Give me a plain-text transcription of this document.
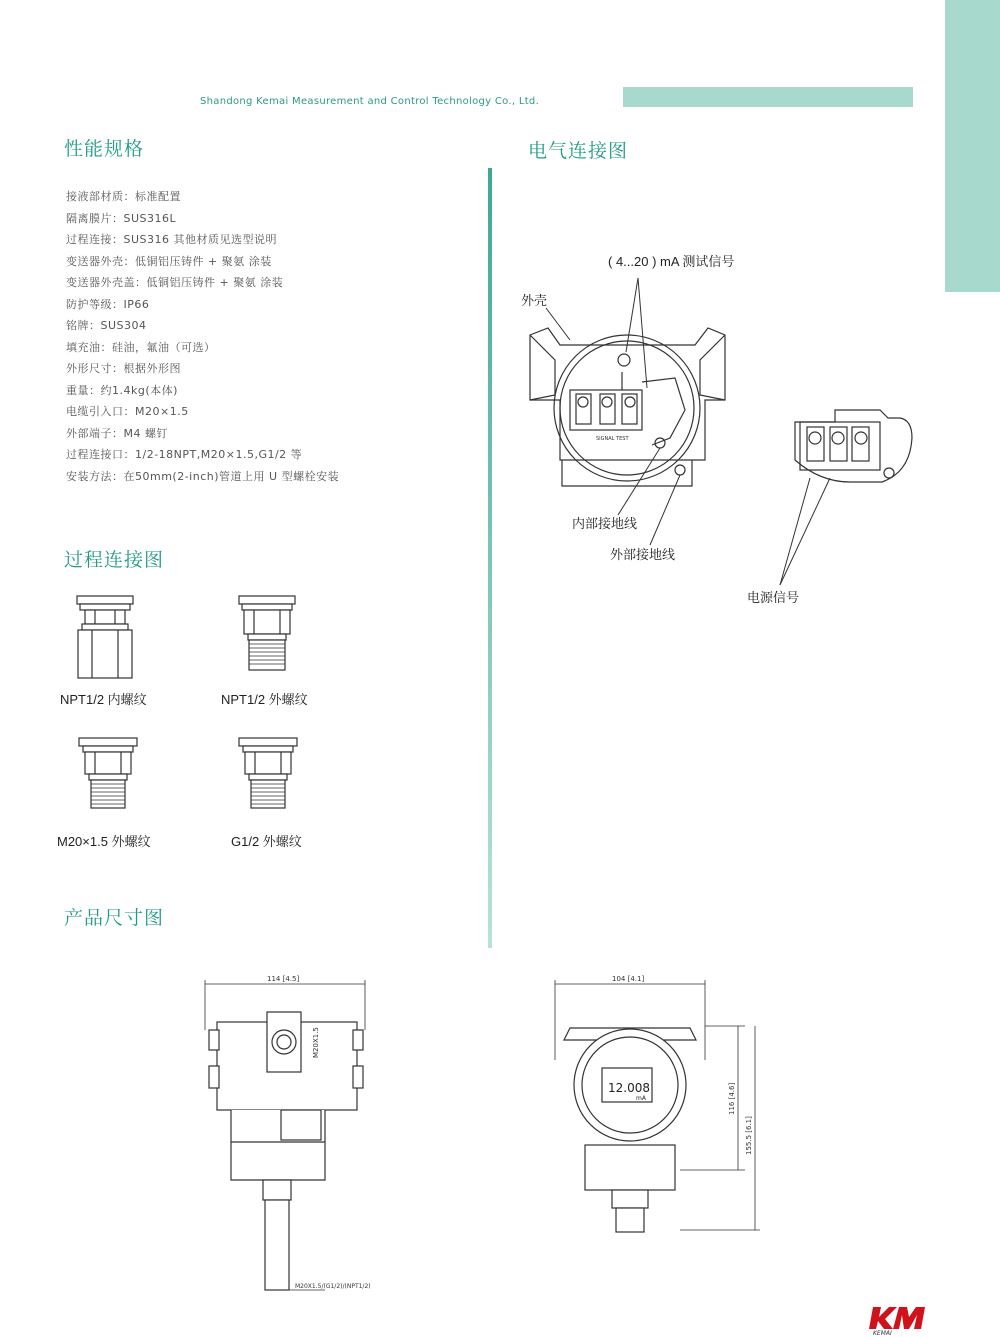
Shandong Kemai Measurement and Control Technology Co., Ltd.
性能规格
接液部材质：标准配置
隔离膜片：SUS316L
过程连接：SUS316 其他材质见选型说明
变送器外壳：低铜铝压铸件 + 聚氨 涂装
变送器外壳盖：低铜铝压铸件 + 聚氨 涂装
防护等级：IP66
铭牌：SUS304
填充油：硅油，氟油（可选）
外形尺寸：根据外形图
重量：约1.4kg(本体)
电缆引入口：M20×1.5
外部端子：M4 螺钉
过程连接口：1/2-18NPT,M20×1.5,G1/2 等
安装方法：在50mm(2-inch)管道上用 U 型螺栓安装
过程连接图
NPT1/2 内螺纹	NPT1/2 外螺纹
M20×1.5 外螺纹	G1/2 外螺纹
电气连接图
( 4...20 ) mA 测试信号
外壳
内部接地线
外部接地线
电源信号
SIGNAL TEST
产品尺寸图
114 [4.5]
M20X1.5
M20X1.5/(G1/2)/(NPT1/2)
104 [4.1]
12.008
mA	116 [4.6]
155.5 [6.1]
KEMAI
